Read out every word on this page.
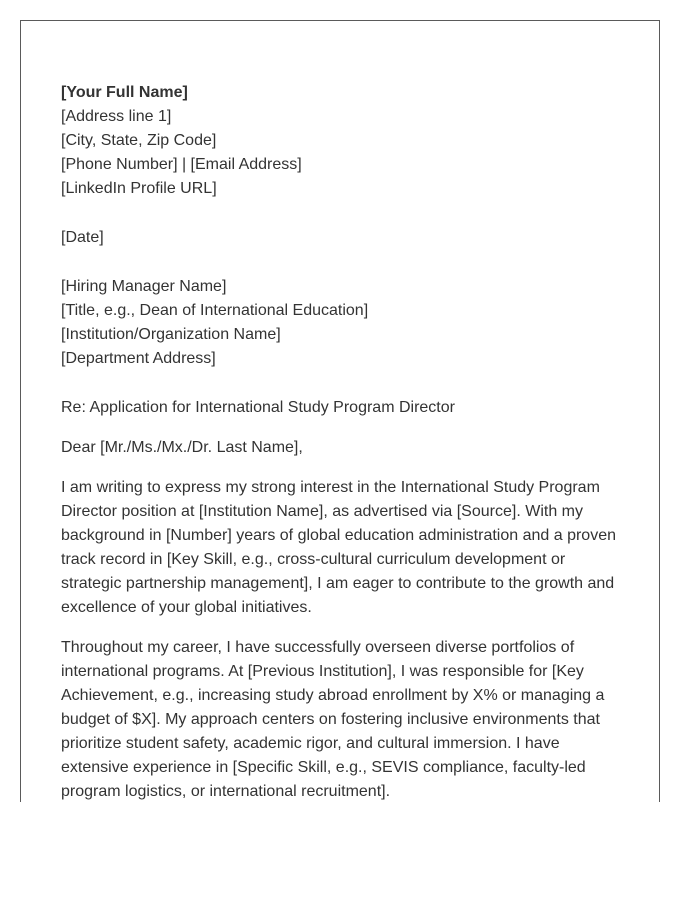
[Your Full Name]
[Address line 1]
[City, State, Zip Code]
[Phone Number] | [Email Address]
[LinkedIn Profile URL]
[Date]
[Hiring Manager Name]
[Title, e.g., Dean of International Education]
[Institution/Organization Name]
[Department Address]
Re: Application for International Study Program Director
Dear [Mr./Ms./Mx./Dr. Last Name],

I am writing to express my strong interest in the International Study Program Director position at [Institution Name], as advertised via [Source]. With my background in [Number] years of global education administration and a proven track record in [Key Skill, e.g., cross-cultural curriculum development or strategic partnership management], I am eager to contribute to the growth and excellence of your global initiatives.

Throughout my career, I have successfully overseen diverse portfolios of international programs. At [Previous Institution], I was responsible for [Key Achievement, e.g., increasing study abroad enrollment by X% or managing a budget of $X]. My approach centers on fostering inclusive environments that prioritize student safety, academic rigor, and cultural immersion. I have extensive experience in [Specific Skill, e.g., SEVIS compliance, faculty-led program logistics, or international recruitment].
